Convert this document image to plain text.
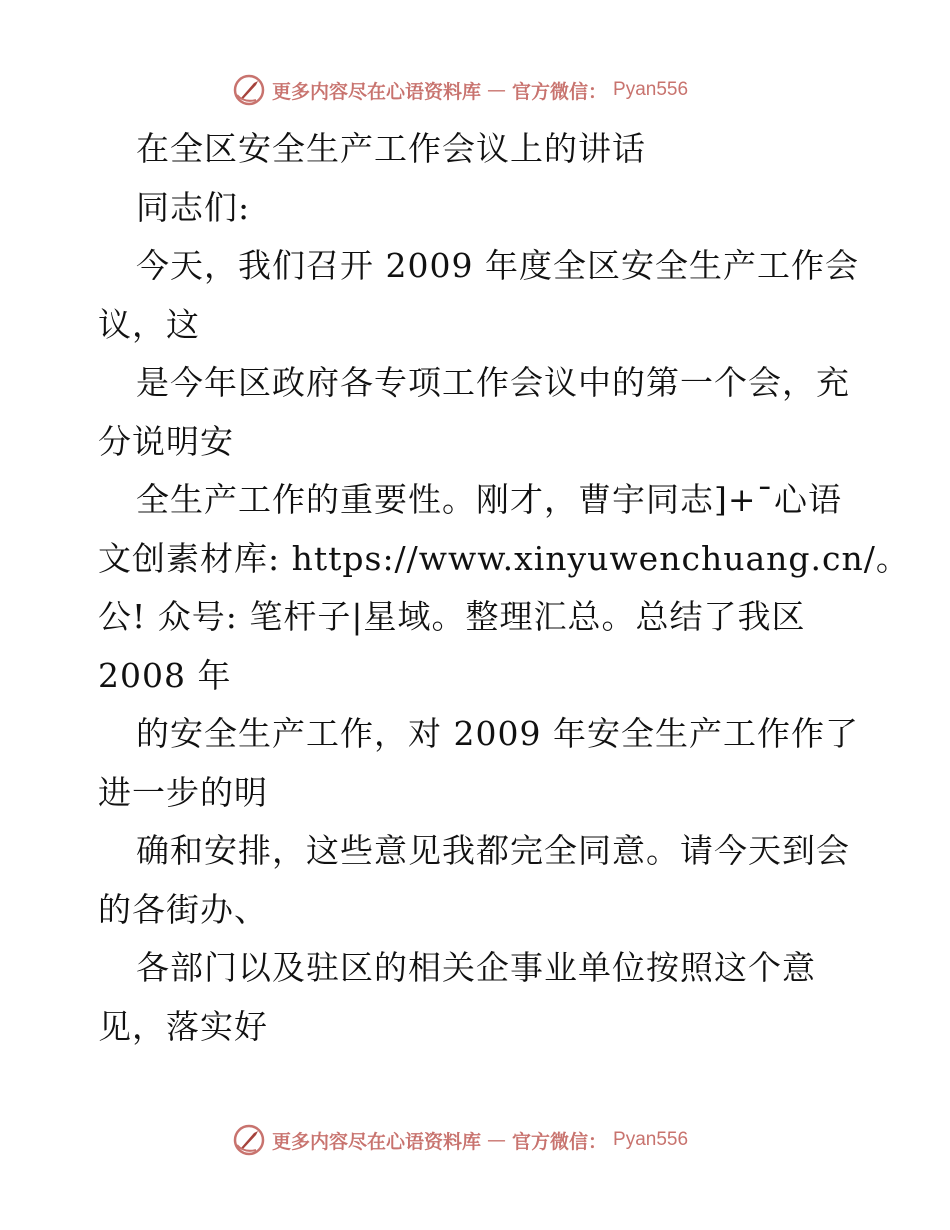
更多内容尽在心语资料库 — 官方微信： Pyan556
在全区安全生产工作会议上的讲话
同志们:
今天，我们召开 2009 年度全区安全生产工作会
议，这
是今年区政府各专项工作会议中的第一个会，充
分说明安
全生产工作的重要性。刚才，曹宇同志]+¯心语
文创素材库: https://www.xinyuwenchuang.cn/。
公! 众号: 笔杆子|星域。整理汇总。总结了我区
2008 年
的安全生产工作，对 2009 年安全生产工作作了
进一步的明
确和安排，这些意见我都完全同意。请今天到会
的各街办、
各部门以及驻区的相关企事业单位按照这个意
见，落实好
更多内容尽在心语资料库 — 官方微信： Pyan556
